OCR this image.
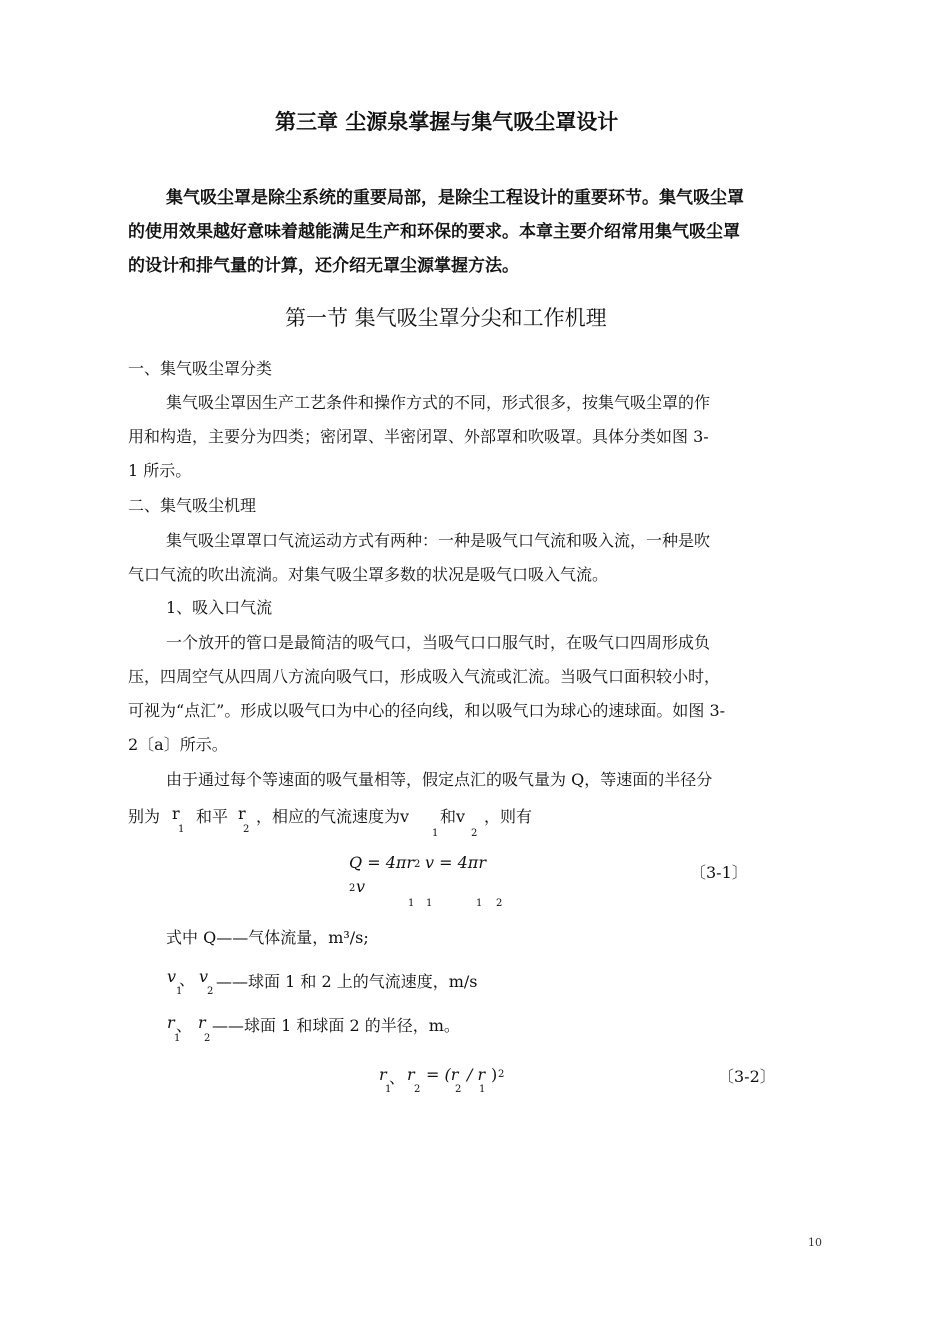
第三章 尘源泉掌握与集气吸尘罩设计
集气吸尘罩是除尘系统的重要局部，是除尘工程设计的重要环节。集气吸尘罩
的使用效果越好意味着越能满足生产和环保的要求。本章主要介绍常用集气吸尘罩
的设计和排气量的计算，还介绍无罩尘源掌握方法。
第一节 集气吸尘罩分尖和工作机理
一、集气吸尘罩分类
集气吸尘罩因生产工艺条件和操作方式的不同，形式很多，按集气吸尘罩的作
用和构造，主要分为四类；密闭罩、半密闭罩、外部罩和吹吸罩。具体分类如图 3-
1 所示。
二、集气吸尘机理
集气吸尘罩罩口气流运动方式有两种：一种是吸气口气流和吸入流，一种是吹
气口气流的吹出流淌。对集气吸尘罩多数的状况是吸气口吸入气流。
1、吸入口气流
一个放开的管口是最简洁的吸气口，当吸气口口服气时，在吸气口四周形成负
压，四周空气从四周八方流向吸气口，形成吸入气流或汇流。当吸气口面积较小时，
可视为“点汇”。形成以吸气口为中心的径向线，和以吸气口为球心的速球面。如图 3-
2〔a〕所示。
由于通过每个等速面的吸气量相等，假定点汇的吸气量为 Q，等速面的半径分
别为 r
1
和平 r
2
，相应的气流速度为v
1
和v
2
，则有
𝑄 = 4π𝑟 2 𝑣 = 4π𝑟
2 𝑣
1 1	1 2
〔3-1〕
式中 Q——气体流量，m³/s;
𝑣
1
、 𝑣
2
——球面 1 和 2 上的气流速度，m/s
𝑟
1
、 𝑟
2
——球面 1 和球面 2 的半径，m。
𝑟
1
、 𝑟
2
= (𝑟
2
/ 𝑟
1
) 2	〔3-2〕
10
